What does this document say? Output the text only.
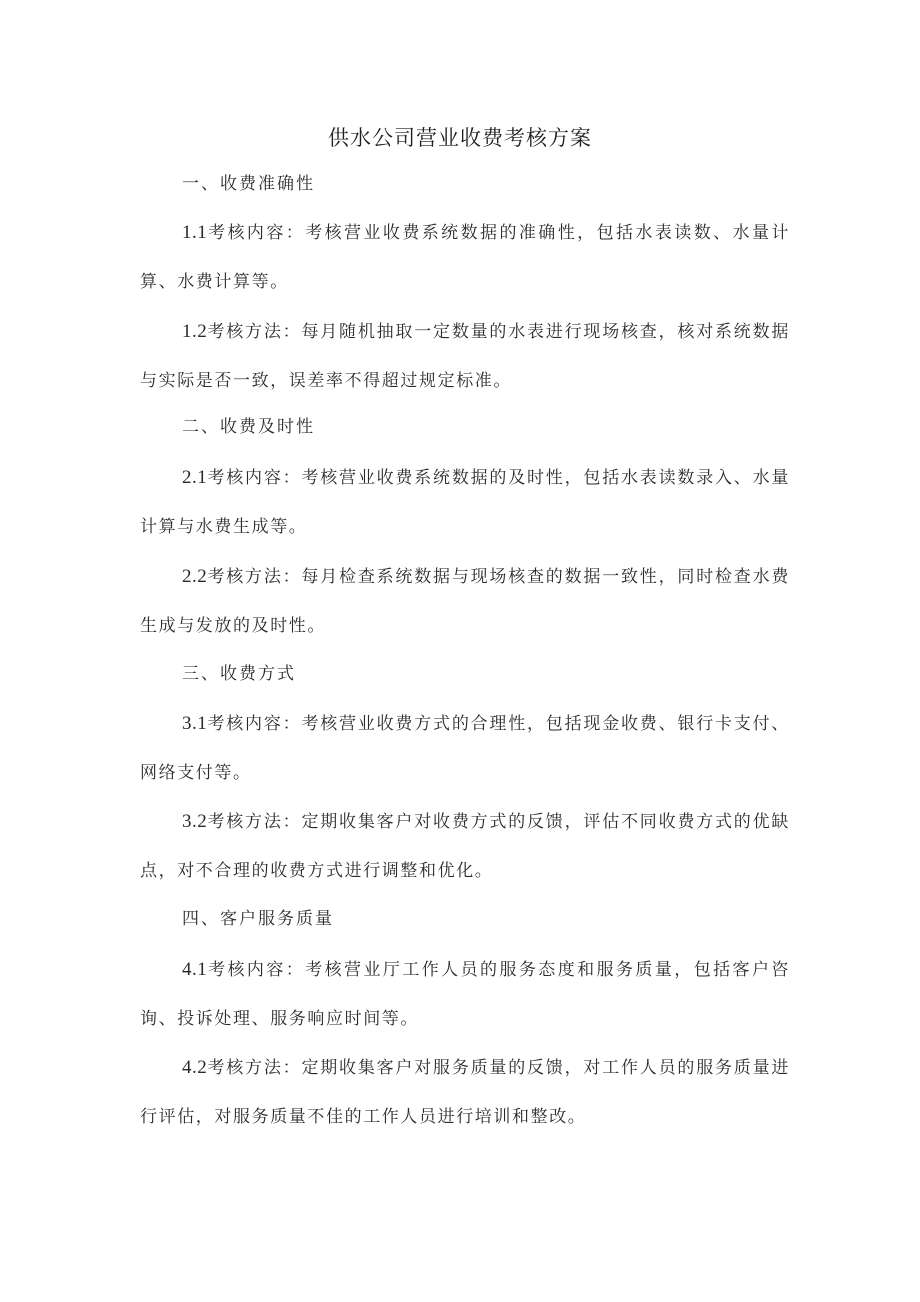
供水公司营业收费考核方案
一、收费准确性
1.1考核内容：考核营业收费系统数据的准确性，包括水表读数、水量计算、水费计算等。
1.2考核方法：每月随机抽取一定数量的水表进行现场核查，核对系统数据与实际是否一致，误差率不得超过规定标准。
二、收费及时性
2.1考核内容：考核营业收费系统数据的及时性，包括水表读数录入、水量计算与水费生成等。
2.2考核方法：每月检查系统数据与现场核查的数据一致性，同时检查水费生成与发放的及时性。
三、收费方式
3.1考核内容：考核营业收费方式的合理性，包括现金收费、银行卡支付、网络支付等。
3.2考核方法：定期收集客户对收费方式的反馈，评估不同收费方式的优缺点，对不合理的收费方式进行调整和优化。
四、客户服务质量
4.1考核内容：考核营业厅工作人员的服务态度和服务质量，包括客户咨询、投诉处理、服务响应时间等。
4.2考核方法：定期收集客户对服务质量的反馈，对工作人员的服务质量进行评估，对服务质量不佳的工作人员进行培训和整改。
